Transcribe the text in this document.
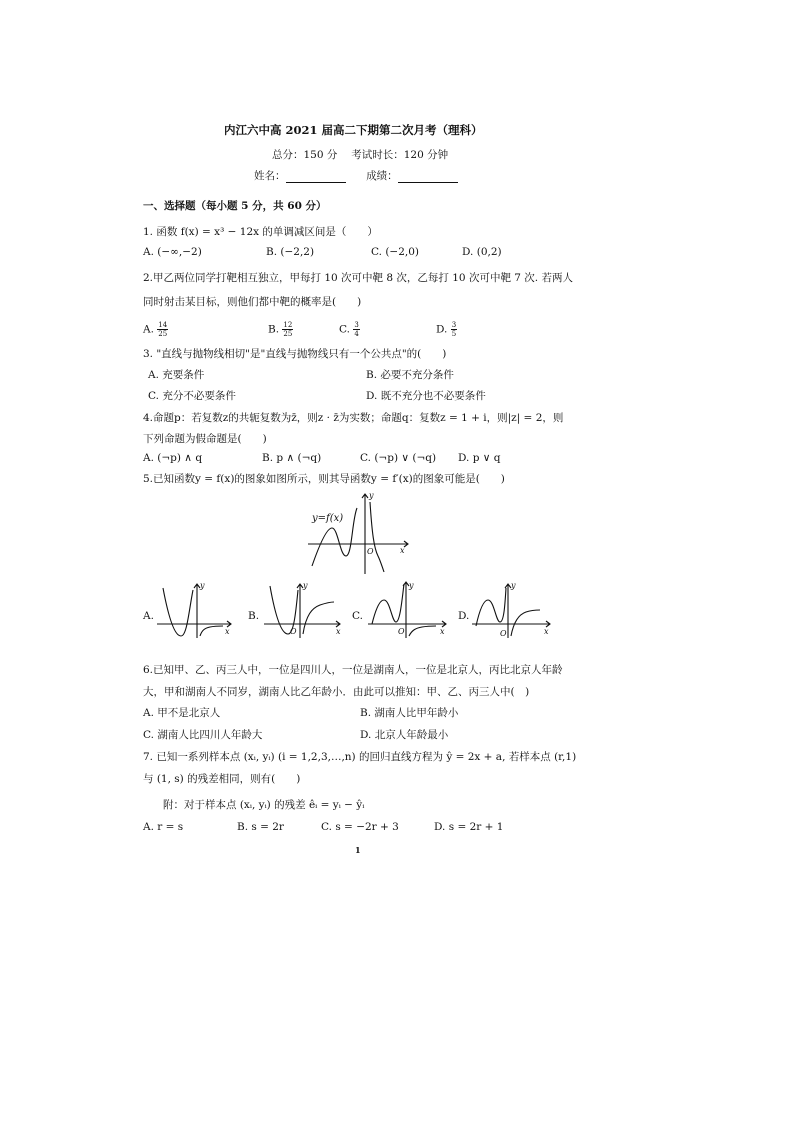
内江六中高 2021 届高二下期第二次月考（理科）
总分：150 分　 考试时长：120 分钟
姓名：	成绩：
一、选择题（每小题 5 分，共 60 分）
1. 函数 f(x) = x³ − 12x 的单调减区间是（　　）
A. (−∞,−2)	B. (−2,2)	C. (−2,0)	D. (0,2)
2.甲乙两位同学打靶相互独立，甲每打 10 次可中靶 8 次，乙每打 10 次可中靶 7 次. 若两人
同时射击某目标，则他们都中靶的概率是(　　)
A. $\frac{14}{25}$	B. $\frac{12}{25}$	C. $\frac{3}{4}$	D. $\frac{3}{5}$
3. "直线与抛物线相切"是"直线与抛物线只有一个公共点"的(　　)
A. 充要条件	B. 必要不充分条件
C. 充分不必要条件	D. 既不充分也不必要条件
4.命题p：若复数z的共轭复数为z̄，则z · z̄为实数；命题q：复数z = 1 + i，则|z| = 2，则
下列命题为假命题是(　　)
A. (¬p) ∧ q	B. p ∧ (¬q)	C. (¬p) ∨ (¬q) D. p ∨ q
5.已知函数y = f(x)的图象如图所示，则其导函数y = f′(x)的图象可能是(　　)
y=f(x)
y
x
O
A.
y
x
B.
y
x
O
C.
y
x
O
D.
y
x
O
6.已知甲、乙、丙三人中，一位是四川人，一位是湖南人，一位是北京人，丙比北京人年龄
大，甲和湖南人不同岁，湖南人比乙年龄小．由此可以推知：甲、乙、丙三人中(　)
A. 甲不是北京人	B. 湖南人比甲年龄小
C. 湖南人比四川人年龄大	D. 北京人年龄最小
7. 已知一系列样本点 (xᵢ, yᵢ) (i = 1,2,3,…,n) 的回归直线方程为 ŷ = 2x + a, 若样本点 (r,1)
与 (1, s) 的残差相同，则有(　　)
附：对于样本点 (xᵢ, yᵢ) 的残差 êᵢ = yᵢ − ŷᵢ
A. r = s	B. s = 2r	C. s = −2r + 3	D. s = 2r + 1
1
